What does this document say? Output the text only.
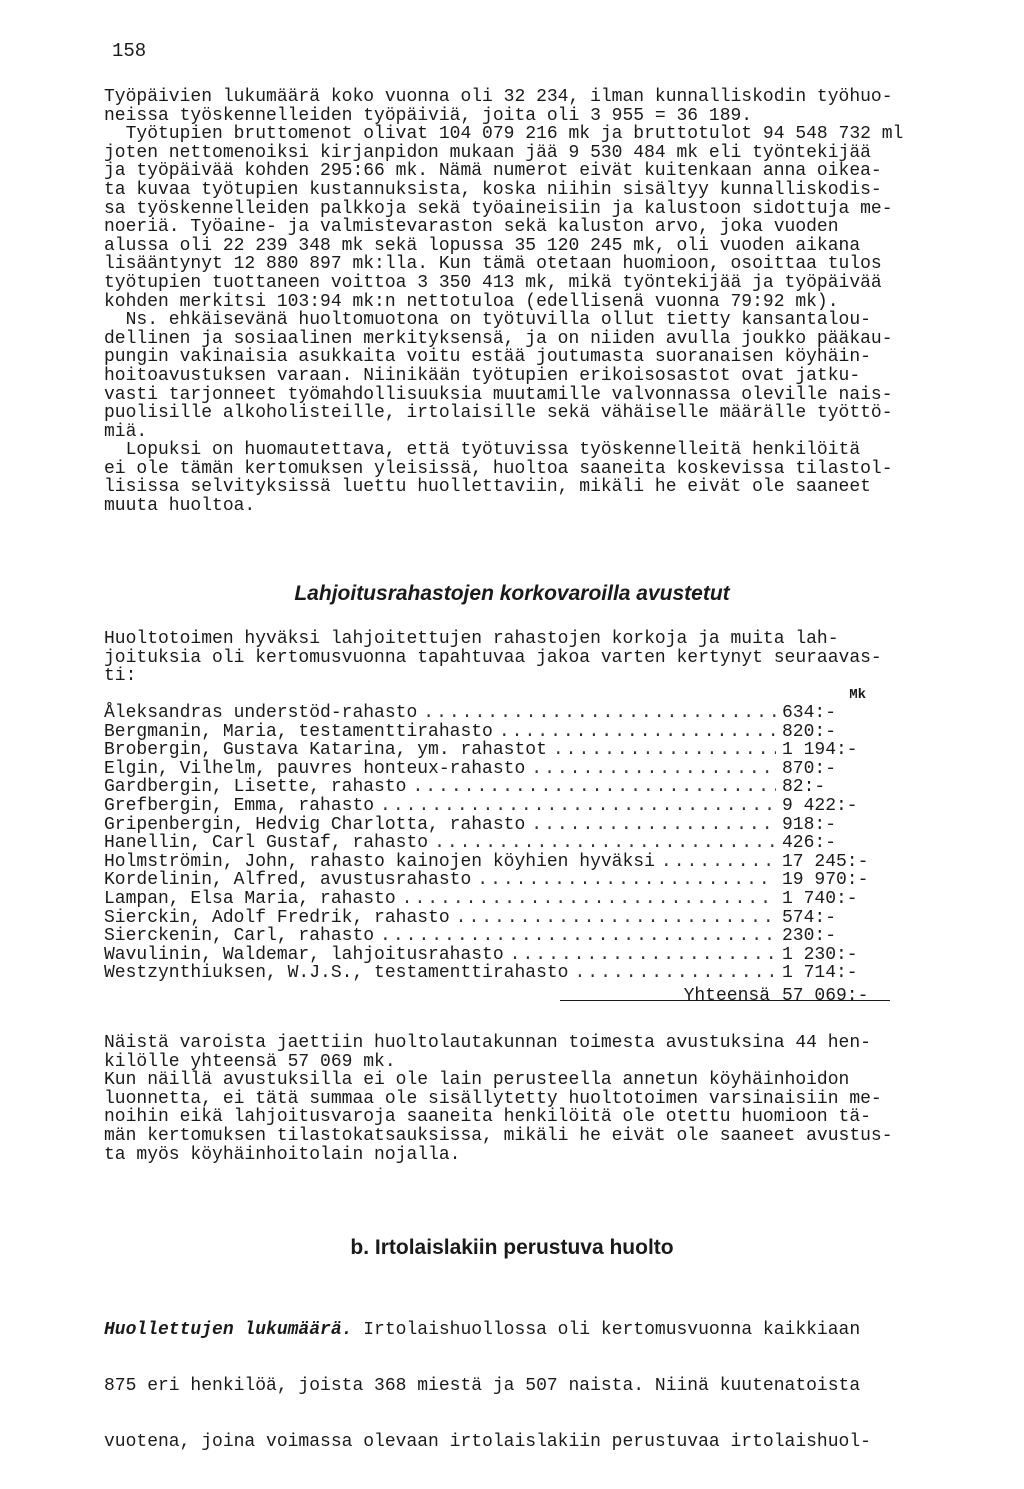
158
Työpäivien lukumäärä koko vuonna oli 32 234, ilman kunnalliskodin työhuo-
neissa työskennelleiden työpäiviä, joita oli 3 955 = 36 189.
Työtupien bruttomenot olivat 104 079 216 mk ja bruttotulot 94 548 732 ml
joten nettomenoiksi kirjanpidon mukaan jää 9 530 484 mk eli työntekijää
ja työpäivää kohden 295:66 mk. Nämä numerot eivät kuitenkaan anna oikea-
ta kuvaa työtupien kustannuksista, koska niihin sisältyy kunnalliskodis-
sa työskennelleiden palkkoja sekä työaineisiin ja kalustoon sidottuja me-
noeriä. Työaine- ja valmistevaraston sekä kaluston arvo, joka vuoden
alussa oli 22 239 348 mk sekä lopussa 35 120 245 mk, oli vuoden aikana
lisääntynyt 12 880 897 mk:lla. Kun tämä otetaan huomioon, osoittaa tulos
työtupien tuottaneen voittoa 3 350 413 mk, mikä työntekijää ja työpäivää
kohden merkitsi 103:94 mk:n nettotuloa (edellisenä vuonna 79:92 mk).
Ns. ehkäisevänä huoltomuotona on työtuvilla ollut tietty kansantalou-
dellinen ja sosiaalinen merkityksensä, ja on niiden avulla joukko pääkau-
pungin vakinaisia asukkaita voitu estää joutumasta suoranaisen köyhäin-
hoitoavustuksen varaan. Niinikään työtupien erikoisosastot ovat jatku-
vasti tarjonneet työmahdollisuuksia muutamille valvonnassa oleville nais-
puolisille alkoholisteille, irtolaisille sekä vähäiselle määrälle työttö-
miä.
Lopuksi on huomautettava, että työtuvissa työskennelleitä henkilöitä
ei ole tämän kertomuksen yleisissä, huoltoa saaneita koskevissa tilastol-
lisissa selvityksissä luettu huollettaviin, mikäli he eivät ole saaneet
muuta huoltoa.
Lahjoitusrahastojen korkovaroilla avustetut
Huoltotoimen hyväksi lahjoitettujen rahastojen korkoja ja muita lah-
joituksia oli kertomusvuonna tapahtuvaa jakoa varten kertynyt seuraavas-
ti:
Mk
Åleksandras understöd-rahasto .....	634:-
Bergmanin, Maria, testamenttirahasto .....	820:-
Brobergin, Gustava Katarina, ym. rahastot .....	1 194:-
Elgin, Vilhelm, pauvres honteux-rahasto .....	870:-
Gardbergin, Lisette, rahasto .....	82:-
Grefbergin, Emma, rahasto .....	9 422:-
Gripenbergin, Hedvig Charlotta, rahasto .....	918:-
Hanellin, Carl Gustaf, rahasto .....	426:-
Holmströmin, John, rahasto kainojen köyhien hyväksi .....	17 245:-
Kordelinin, Alfred, avustusrahasto .....	19 970:-
Lampan, Elsa Maria, rahasto .....	1 740:-
Sierckin, Adolf Fredrik, rahasto .....	574:-
Sierckenin, Carl, rahasto .....	230:-
Wavulinin, Waldemar, lahjoitusrahasto .....	1 230:-
Westzynthiuksen, W.J.S., testamenttirahasto .....	1 714:-
Yhteensä 57 069:-
Näistä varoista jaettiin huoltolautakunnan toimesta avustuksina 44 hen-
kilölle yhteensä 57 069 mk.
Kun näillä avustuksilla ei ole lain perusteella annetun köyhäinhoidon
luonnetta, ei tätä summaa ole sisällytetty huoltotoimen varsinaisiin me-
noihin eikä lahjoitusvaroja saaneita henkilöitä ole otettu huomioon tä-
män kertomuksen tilastokatsauksissa, mikäli he eivät ole saaneet avustus-
ta myös köyhäinhoitolain nojalla.
b. Irtolaislakiin perustuva huolto

Huollettujen lukumäärä. Irtolaishuollossa oli kertomusvuonna kaikkiaan

875 eri henkilöä, joista 368 miestä ja 507 naista. Niinä kuutenatoista

vuotena, joina voimassa olevaan irtolaislakiin perustuvaa irtolaishuol-
